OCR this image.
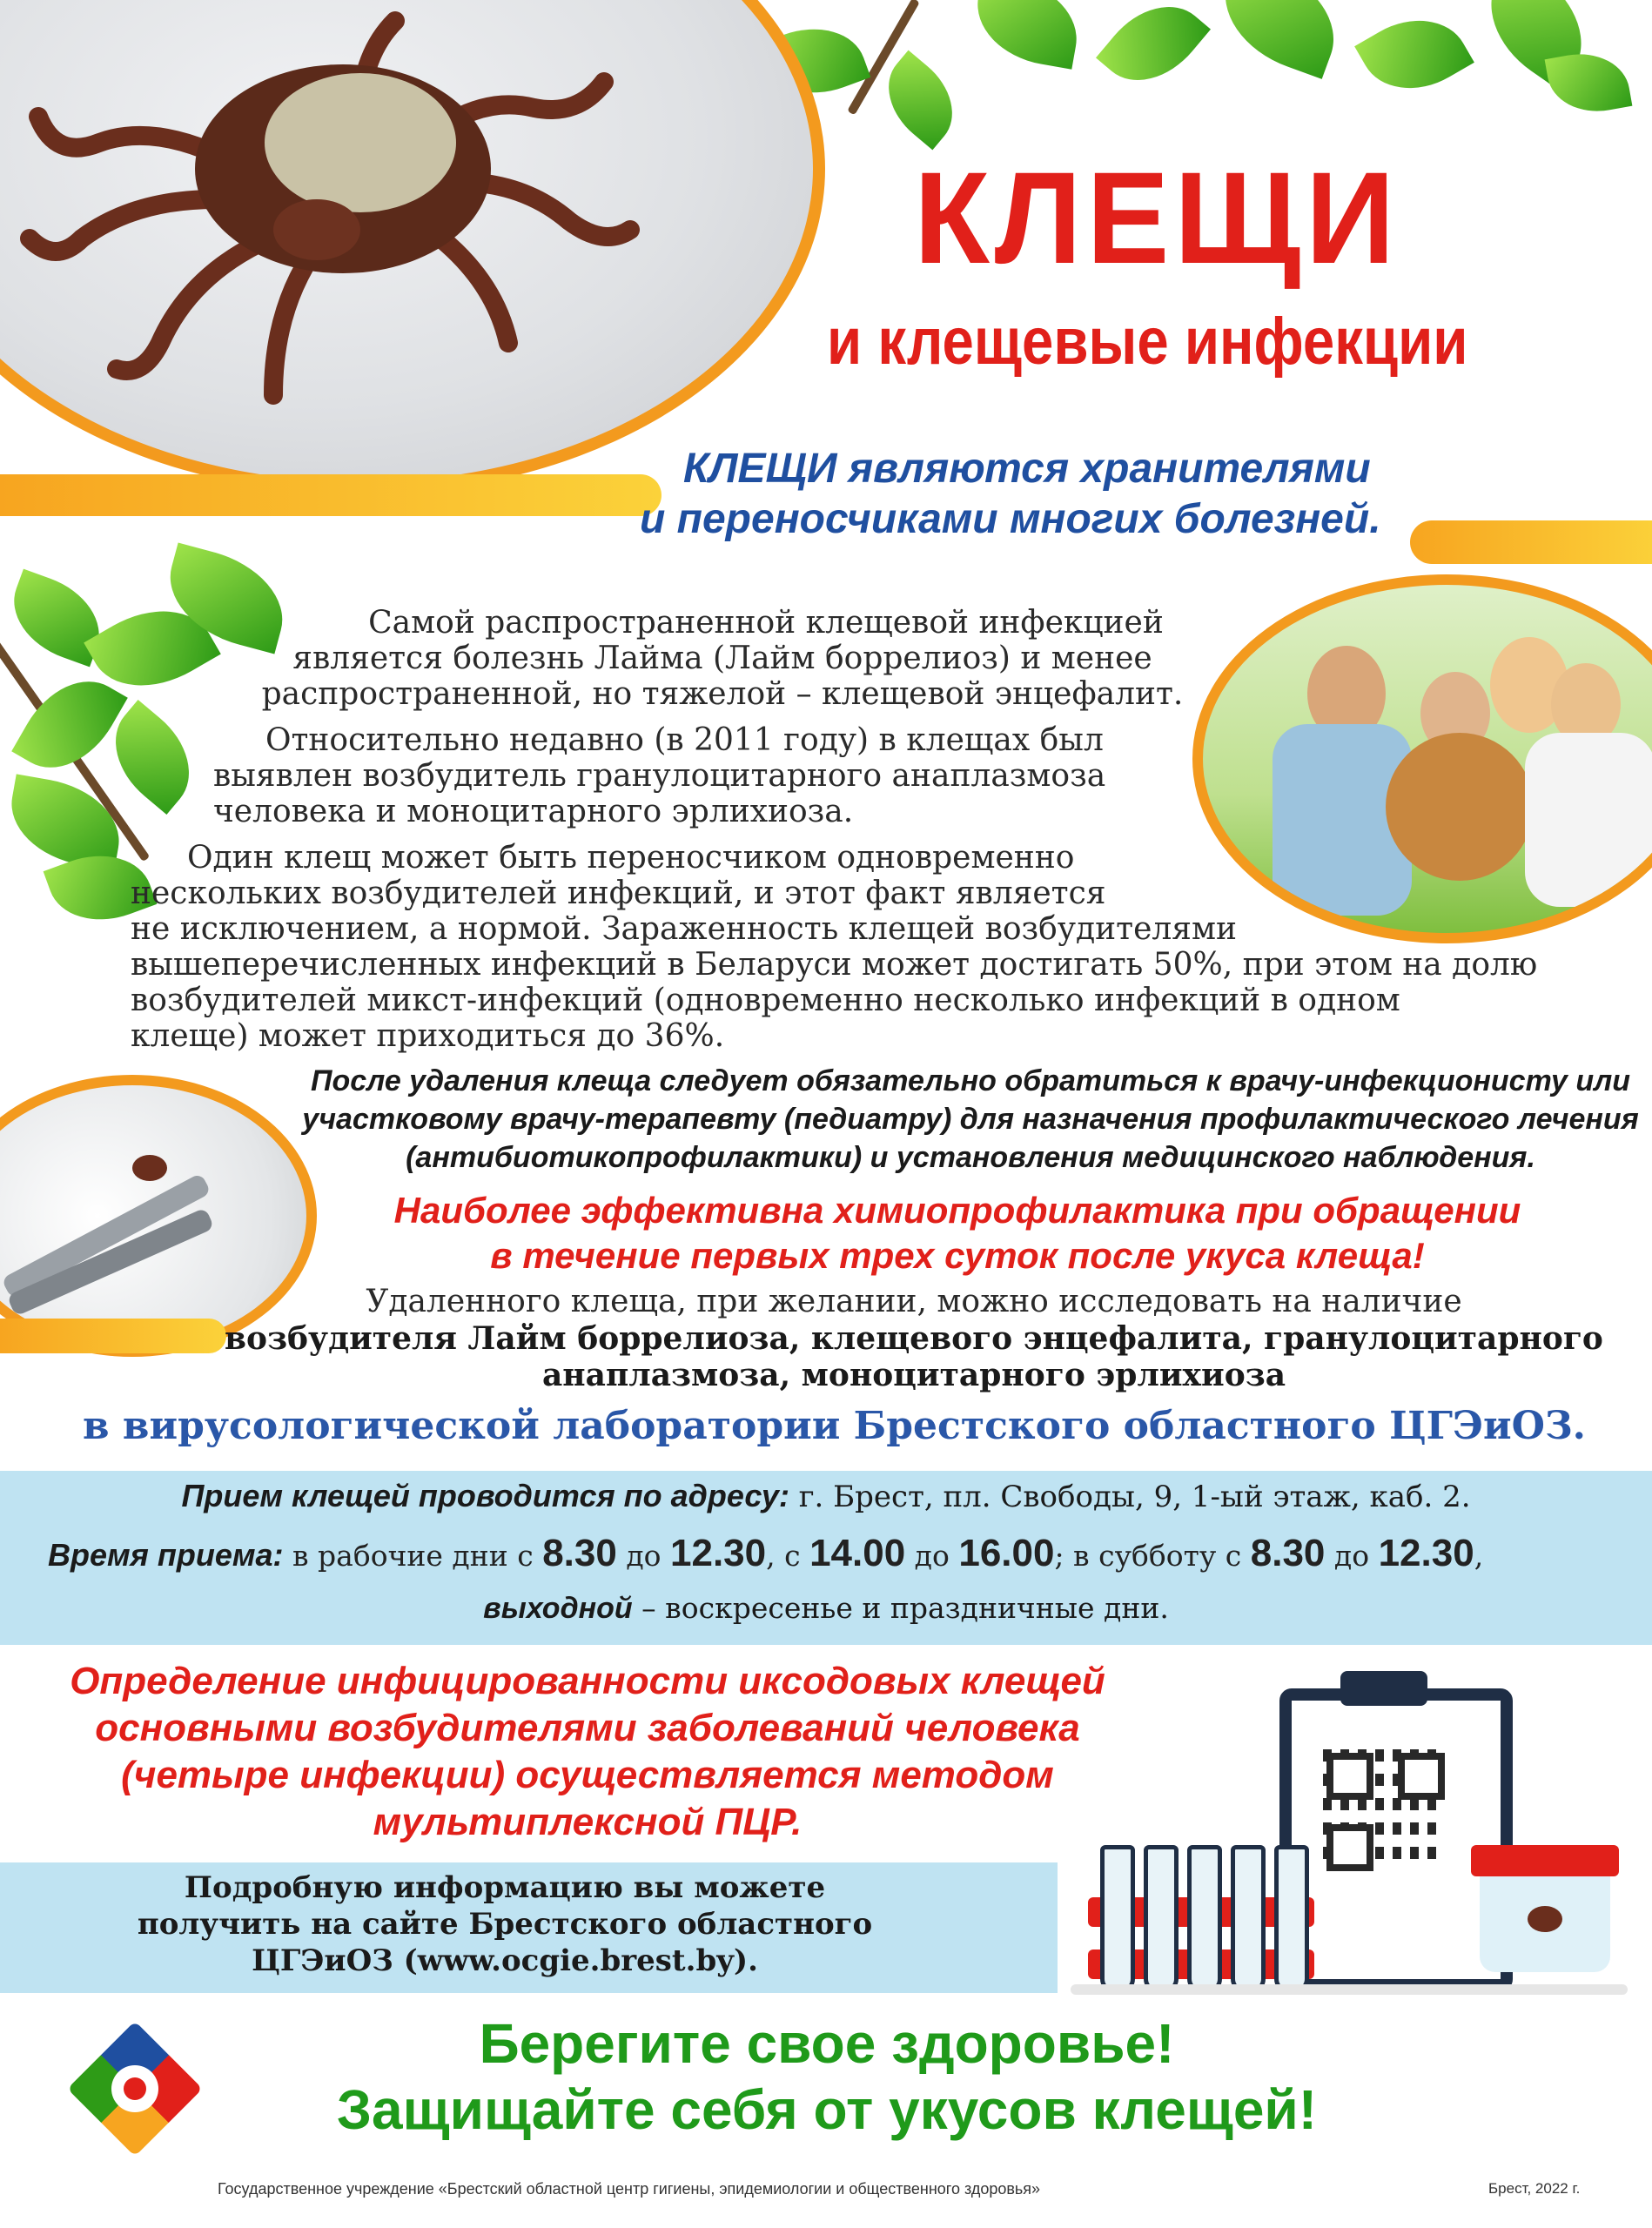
КЛЕЩИ
и клещевые инфекции
КЛЕЩИ являются хранителями
и переносчиками многих болезней.
Самой распространенной клещевой инфекцией
является болезнь Лайма (Лайм боррелиоз) и менее
распространенной, но тяжелой – клещевой энцефалит.
Относительно недавно (в 2011 году) в клещах был
выявлен возбудитель гранулоцитарного анаплазмоза
человека и моноцитарного эрлихиоза.
Один клещ может быть переносчиком одновременно
нескольких возбудителей инфекций, и этот факт является
не исключением, а нормой. Зараженность клещей возбудителями
вышеперечисленных инфекций в Беларуси может достигать 50%, при этом на долю
возбудителей микст-инфекций (одновременно несколько инфекций в одном
клеще) может приходиться до 36%.
После удаления клеща следует обязательно обратиться к врачу-инфекционисту или
участковому врачу-терапевту (педиатру) для назначения профилактического лечения
(антибиотикопрофилактики) и установления медицинского наблюдения.
Наиболее эффективна химиопрофилактика при обращении
в течение первых трех суток после укуса клеща!
Удаленного клеща, при желании, можно исследовать на наличие
возбудителя Лайм боррелиоза, клещевого энцефалита, гранулоцитарного
анаплазмоза, моноцитарного эрлихиоза
в вирусологической лаборатории Брестского областного ЦГЭиОЗ.
Прием клещей проводится по адресу: г. Брест, пл. Свободы, 9, 1-ый этаж, каб. 2.
Время приема: в рабочие дни с 8.30 до 12.30, с 14.00 до 16.00; в субботу с 8.30 до 12.30,
выходной – воскресенье и праздничные дни.
Определение инфицированности иксодовых клещей
основными возбудителями заболеваний человека
(четыре инфекции) осуществляется методом
мультиплексной ПЦР.
Подробную информацию вы можете
получить на сайте Брестского областного
ЦГЭиОЗ (www.ocgie.brest.by).
Берегите свое здоровье!
Защищайте себя от укусов клещей!
Государственное учреждение «Брестский областной центр гигиены, эпидемиологии и общественного здоровья»	Брест, 2022 г.
